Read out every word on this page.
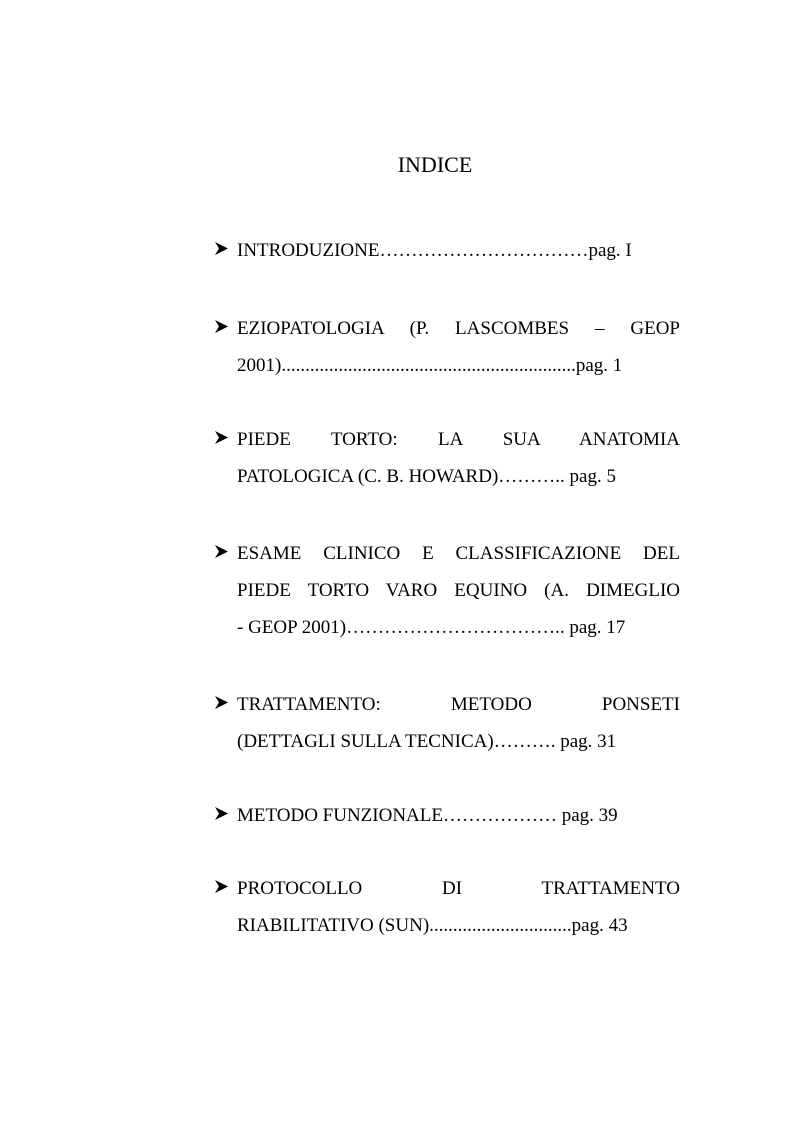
INDICE
INTRODUZIONE……………………………pag. I
EZIOPATOLOGIA (P. LASCOMBES – GEOP
2001)..............................................................pag. 1
PIEDE TORTO: LA SUA ANATOMIA
PATOLOGICA (C. B. HOWARD)……….. pag. 5
ESAME CLINICO E CLASSIFICAZIONE DEL
PIEDE TORTO VARO EQUINO (A. DIMEGLIO
- GEOP 2001)…………………………….. pag. 17
TRATTAMENTO: METODO PONSETI
(DETTAGLI SULLA TECNICA)………. pag. 31
METODO FUNZIONALE……………… pag. 39
PROTOCOLLO DI TRATTAMENTO
RIABILITATIVO (SUN)..............................pag. 43
